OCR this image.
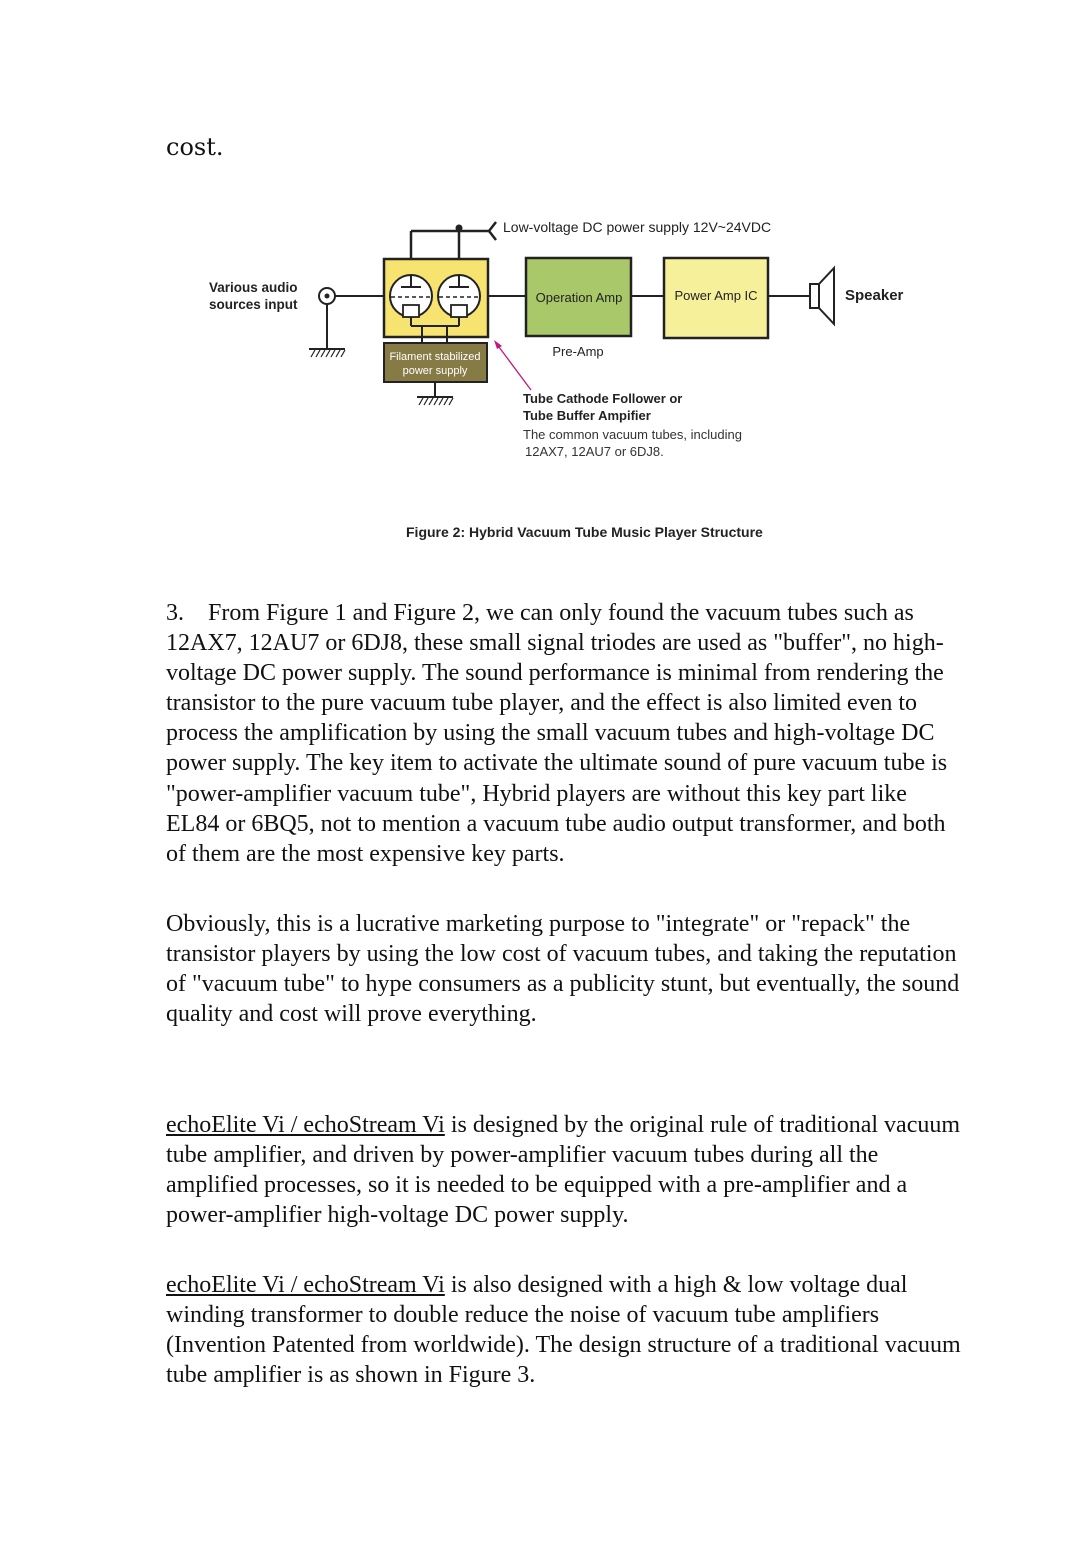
cost.

Low-voltage DC power supply 12V~24VDC
Various audio
sources input
Filament stabilized
power supply
Operation Amp
Pre-Amp
Power Amp IC	Speaker
Tube Cathode Follower or
Tube Buffer Ampifier
The common vacuum tubes, including
12AX7, 12AU7 or 6DJ8.
Figure 2: Hybrid Vacuum Tube Music Player Structure

3. From Figure 1 and Figure 2, we can only found the vacuum tubes such as 12AX7, 12AU7 or 6DJ8, these small signal triodes are used as "buffer", no high-voltage DC power supply. The sound performance is minimal from rendering the transistor to the pure vacuum tube player, and the effect is also limited even to process the amplification by using the small vacuum tubes and high-voltage DC power supply. The key item to activate the ultimate sound of pure vacuum tube is "power-amplifier vacuum tube", Hybrid players are without this key part like EL84 or 6BQ5, not to mention a vacuum tube audio output transformer, and both of them are the most expensive key parts.

Obviously, this is a lucrative marketing purpose to "integrate" or "repack" the transistor players by using the low cost of vacuum tubes, and taking the reputation of "vacuum tube" to hype consumers as a publicity stunt, but eventually, the sound quality and cost will prove everything.

echoElite Vi / echoStream Vi is designed by the original rule of traditional vacuum tube amplifier, and driven by power-amplifier vacuum tubes during all the amplified processes, so it is needed to be equipped with a pre-amplifier and a power-amplifier high-voltage DC power supply.

echoElite Vi / echoStream Vi is also designed with a high & low voltage dual winding transformer to double reduce the noise of vacuum tube amplifiers (Invention Patented from worldwide). The design structure of a traditional vacuum tube amplifier is as shown in Figure 3.
